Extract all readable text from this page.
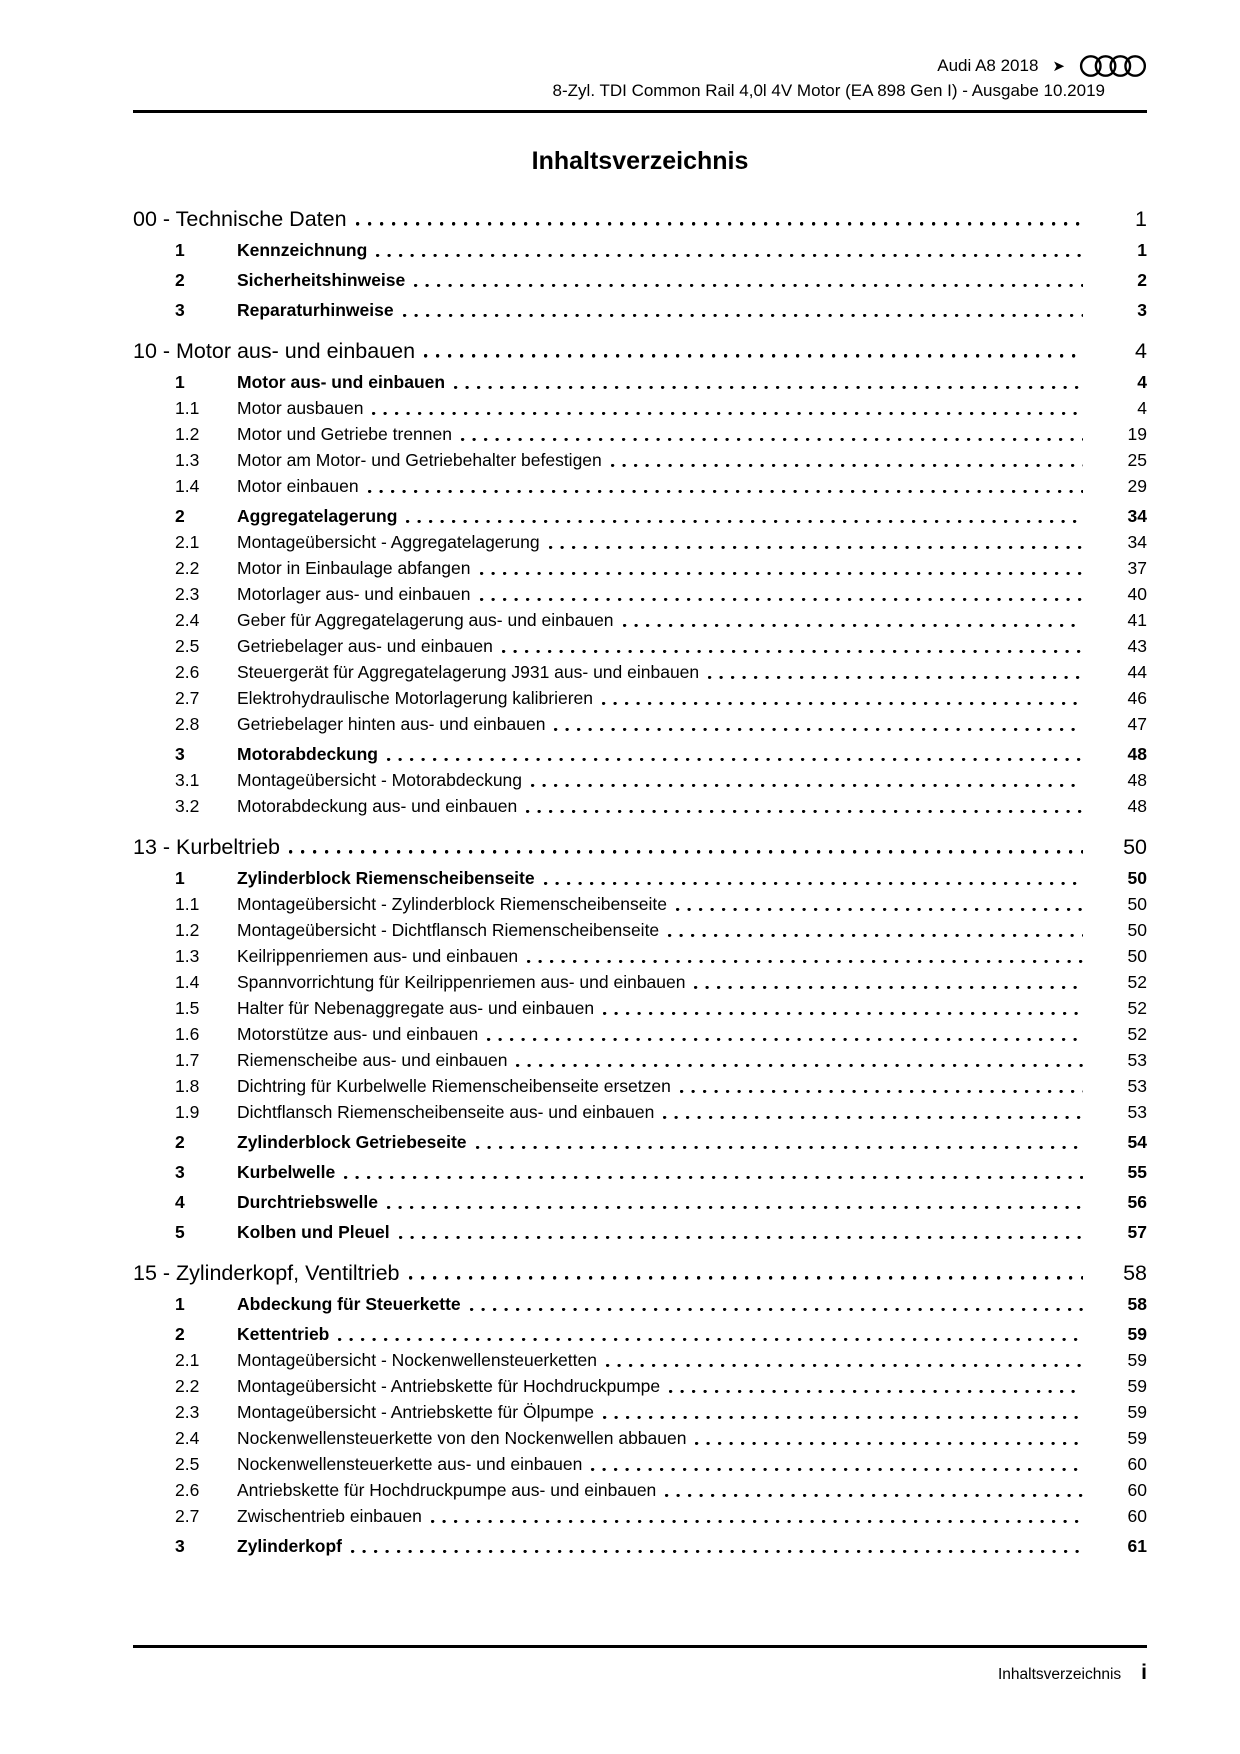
Audi A8 2018 ➤
8-Zyl. TDI Common Rail 4,0l 4V Motor (EA 898 Gen I) - Ausgabe 10.2019
Inhaltsverzeichnis
00 - Technische Daten	1
1	Kennzeichnung	1
2	Sicherheitshinweise	2
3	Reparaturhinweise	3
10 - Motor aus- und einbauen	4
1	Motor aus- und einbauen	4
1.1	Motor ausbauen	4
1.2	Motor und Getriebe trennen	19
1.3	Motor am Motor- und Getriebehalter befestigen	25
1.4	Motor einbauen	29
2	Aggregatelagerung	34
2.1	Montageübersicht - Aggregatelagerung	34
2.2	Motor in Einbaulage abfangen	37
2.3	Motorlager aus- und einbauen	40
2.4	Geber für Aggregatelagerung aus- und einbauen	41
2.5	Getriebelager aus- und einbauen	43
2.6	Steuergerät für Aggregatelagerung J931 aus- und einbauen	44
2.7	Elektrohydraulische Motorlagerung kalibrieren	46
2.8	Getriebelager hinten aus- und einbauen	47
3	Motorabdeckung	48
3.1	Montageübersicht - Motorabdeckung	48
3.2	Motorabdeckung aus- und einbauen	48
13 - Kurbeltrieb	50
1	Zylinderblock Riemenscheibenseite	50
1.1	Montageübersicht - Zylinderblock Riemenscheibenseite	50
1.2	Montageübersicht - Dichtflansch Riemenscheibenseite	50
1.3	Keilrippenriemen aus- und einbauen	50
1.4	Spannvorrichtung für Keilrippenriemen aus- und einbauen	52
1.5	Halter für Nebenaggregate aus- und einbauen	52
1.6	Motorstütze aus- und einbauen	52
1.7	Riemenscheibe aus- und einbauen	53
1.8	Dichtring für Kurbelwelle Riemenscheibenseite ersetzen	53
1.9	Dichtflansch Riemenscheibenseite aus- und einbauen	53
2	Zylinderblock Getriebeseite	54
3	Kurbelwelle	55
4	Durchtriebswelle	56
5	Kolben und Pleuel	57
15 - Zylinderkopf, Ventiltrieb	58
1	Abdeckung für Steuerkette	58
2	Kettentrieb	59
2.1	Montageübersicht - Nockenwellensteuerketten	59
2.2	Montageübersicht - Antriebskette für Hochdruckpumpe	59
2.3	Montageübersicht - Antriebskette für Ölpumpe	59
2.4	Nockenwellensteuerkette von den Nockenwellen abbauen	59
2.5	Nockenwellensteuerkette aus- und einbauen	60
2.6	Antriebskette für Hochdruckpumpe aus- und einbauen	60
2.7	Zwischentrieb einbauen	60
3	Zylinderkopf	61
Inhaltsverzeichnis i
